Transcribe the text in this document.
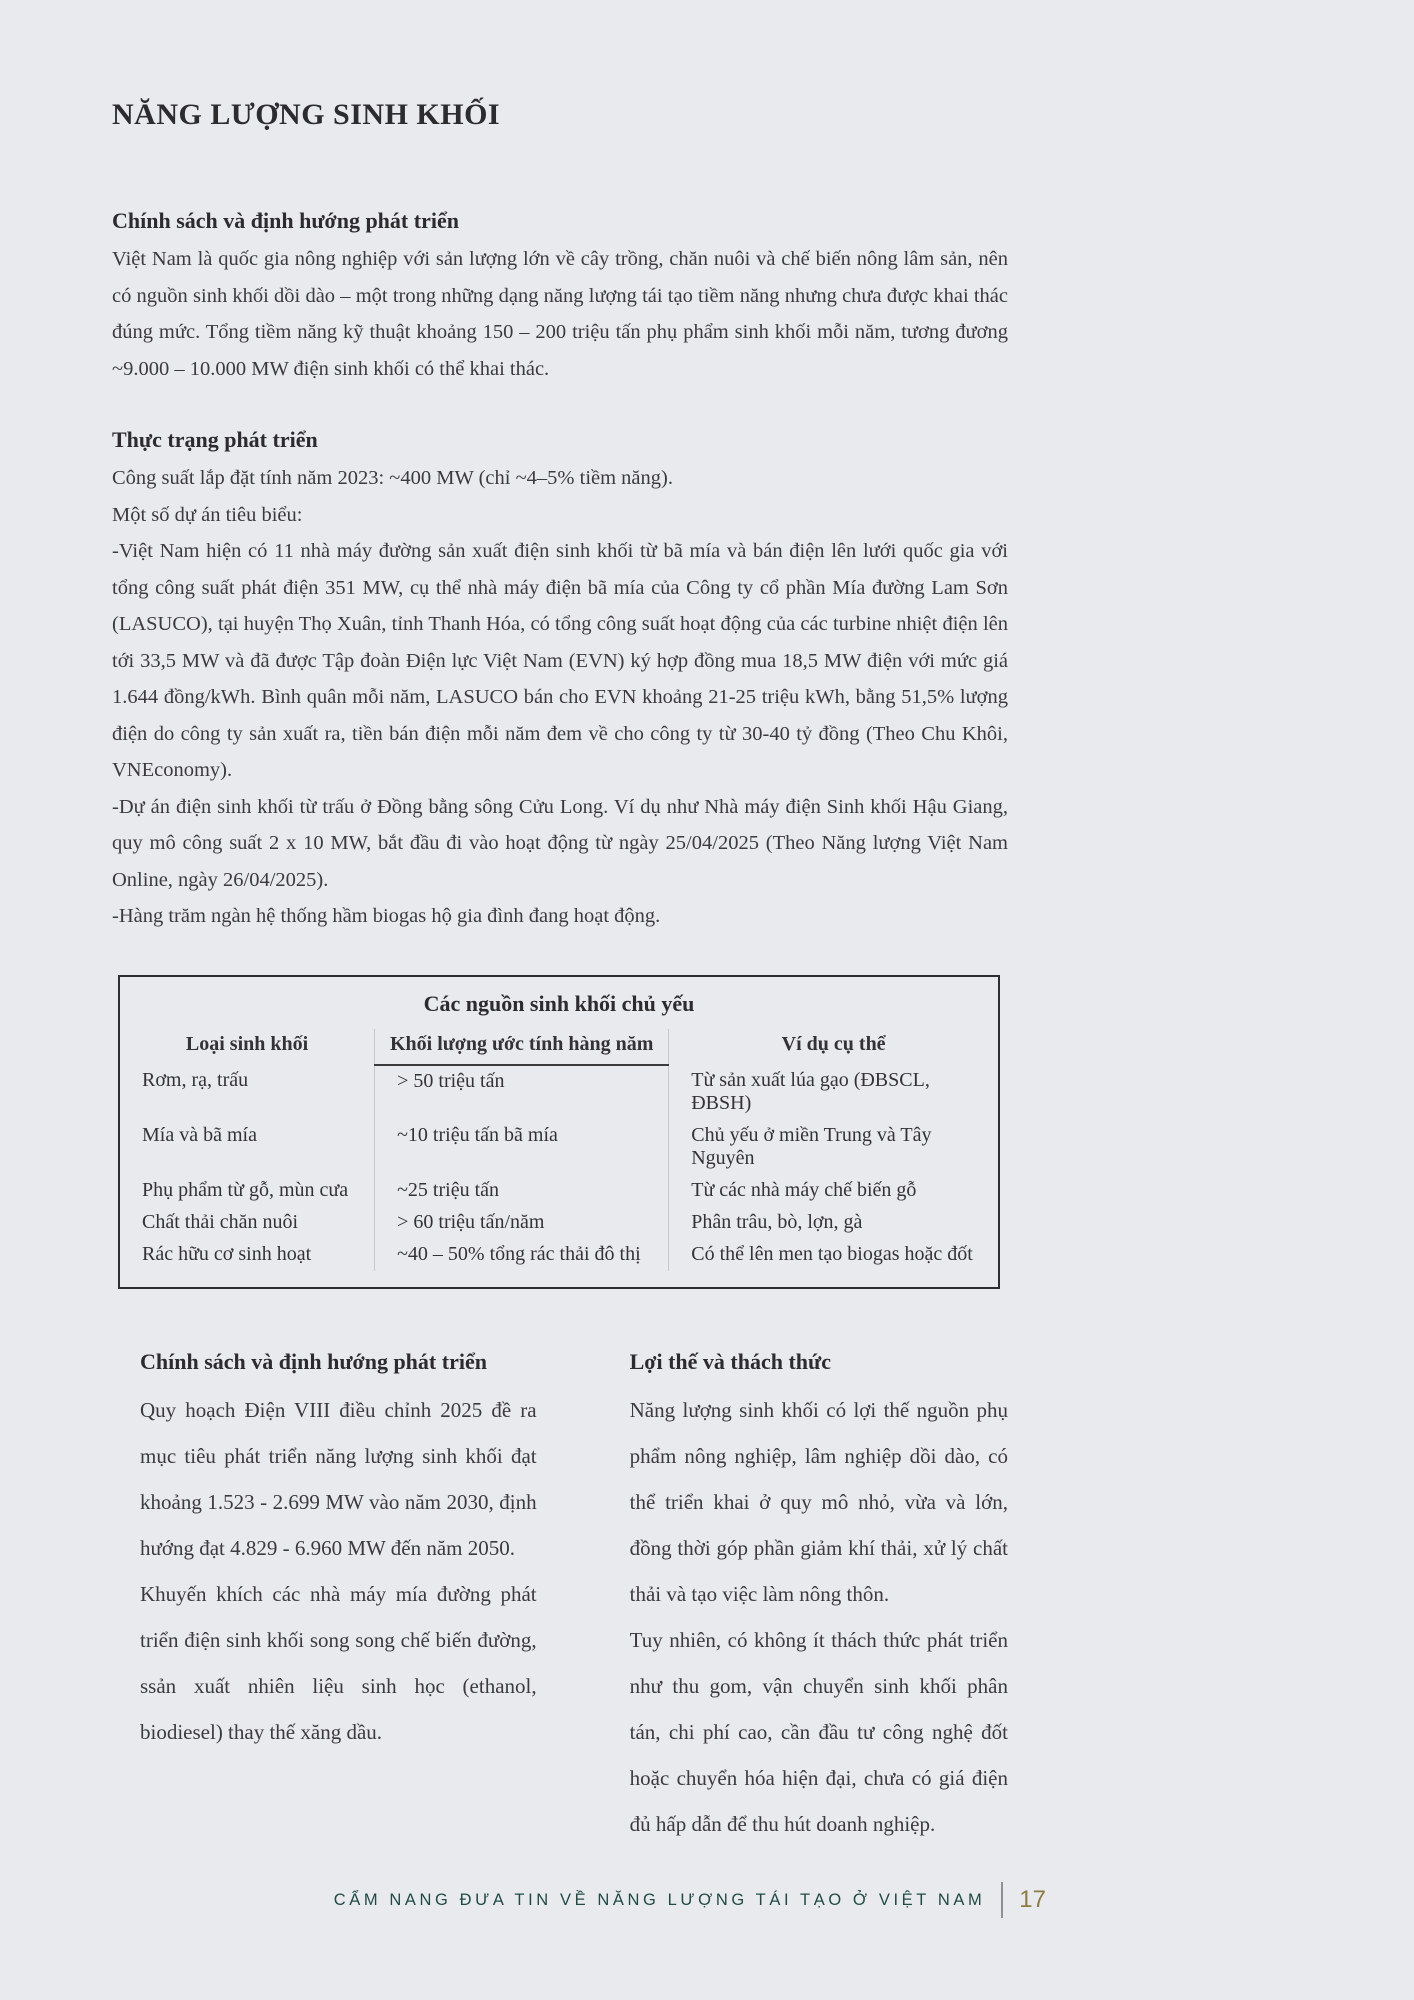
NĂNG LƯỢNG SINH KHỐI
Chính sách và định hướng phát triển

Việt Nam là quốc gia nông nghiệp với sản lượng lớn về cây trồng, chăn nuôi và chế biến nông lâm sản, nên có nguồn sinh khối dồi dào – một trong những dạng năng lượng tái tạo tiềm năng nhưng chưa được khai thác đúng mức. Tổng tiềm năng kỹ thuật khoảng 150 – 200 triệu tấn phụ phẩm sinh khối mỗi năm, tương đương ~9.000 – 10.000 MW điện sinh khối có thể khai thác.

Thực trạng phát triển

Công suất lắp đặt tính năm 2023: ~400 MW (chỉ ~4–5% tiềm năng).

Một số dự án tiêu biểu:

-Việt Nam hiện có 11 nhà máy đường sản xuất điện sinh khối từ bã mía và bán điện lên lưới quốc gia với tổng công suất phát điện 351 MW, cụ thể nhà máy điện bã mía của Công ty cổ phần Mía đường Lam Sơn (LASUCO), tại huyện Thọ Xuân, tỉnh Thanh Hóa, có tổng công suất hoạt động của các turbine nhiệt điện lên tới 33,5 MW và đã được Tập đoàn Điện lực Việt Nam (EVN) ký hợp đồng mua 18,5 MW điện với mức giá 1.644 đồng/kWh. Bình quân mỗi năm, LASUCO bán cho EVN khoảng 21-25 triệu kWh, bằng 51,5% lượng điện do công ty sản xuất ra, tiền bán điện mỗi năm đem về cho công ty từ 30-40 tỷ đồng (Theo Chu Khôi, VNEconomy).

-Dự án điện sinh khối từ trấu ở Đồng bằng sông Cửu Long. Ví dụ như Nhà máy điện Sinh khối Hậu Giang, quy mô công suất 2 x 10 MW, bắt đầu đi vào hoạt động từ ngày 25/04/2025 (Theo Năng lượng Việt Nam Online, ngày 26/04/2025).

-Hàng trăm ngàn hệ thống hầm biogas hộ gia đình đang hoạt động.

Các nguồn sinh khối chủ yếu
Loại sinh khối	Khối lượng ước tính hàng năm	Ví dụ cụ thể
Rơm, rạ, trấu	> 50 triệu tấn	Từ sản xuất lúa gạo (ĐBSCL, ĐBSH)
Mía và bã mía	~10 triệu tấn bã mía	Chủ yếu ở miền Trung và Tây Nguyên
Phụ phẩm từ gỗ, mùn cưa	~25 triệu tấn	Từ các nhà máy chế biến gỗ
Chất thải chăn nuôi	> 60 triệu tấn/năm	Phân trâu, bò, lợn, gà
Rác hữu cơ sinh hoạt	~40 – 50% tổng rác thải đô thị	Có thể lên men tạo biogas hoặc đốt
Chính sách và định hướng phát triển

Quy hoạch Điện VIII điều chỉnh 2025 đề ra mục tiêu phát triển năng lượng sinh khối đạt khoảng 1.523 - 2.699 MW vào năm 2030, định hướng đạt 4.829 - 6.960 MW đến năm 2050.

Khuyến khích các nhà máy mía đường phát triển điện sinh khối song song chế biến đường, ssản xuất nhiên liệu sinh học (ethanol, biodiesel) thay thế xăng dầu.

Lợi thế và thách thức

Năng lượng sinh khối có lợi thế nguồn phụ phẩm nông nghiệp, lâm nghiệp dồi dào, có thể triển khai ở quy mô nhỏ, vừa và lớn, đồng thời góp phần giảm khí thải, xử lý chất thải và tạo việc làm nông thôn.

Tuy nhiên, có không ít thách thức phát triển như thu gom, vận chuyển sinh khối phân tán, chi phí cao, cần đầu tư công nghệ đốt hoặc chuyển hóa hiện đại, chưa có giá điện đủ hấp dẫn để thu hút doanh nghiệp.

CẨM NANG ĐƯA TIN VỀ NĂNG LƯỢNG TÁI TẠO Ở VIỆT NAM 17
